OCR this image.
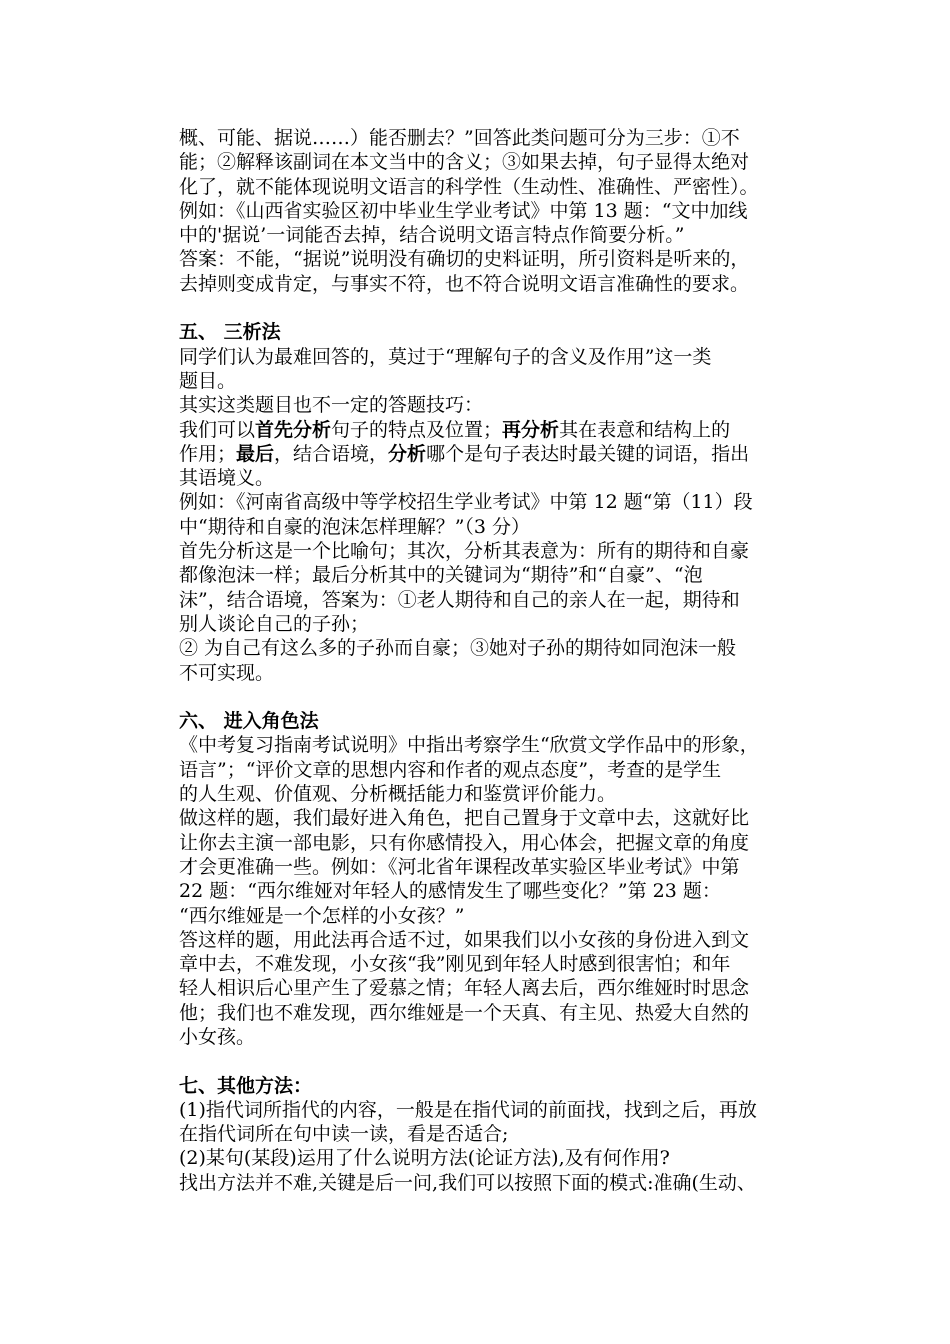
概、可能、据说……）能否删去？”回答此类问题可分为三步：①不
能；②解释该副词在本文当中的含义；③如果去掉，句子显得太绝对
化了，就不能体现说明文语言的科学性（生动性、准确性、严密性）。
例如：《山西省实验区初中毕业生学业考试》中第 13 题：“文中加线
中的'据说’一词能否去掉，结合说明文语言特点作简要分析。”
答案：不能，“据说”说明没有确切的史料证明，所引资料是听来的，
去掉则变成肯定，与事实不符，也不符合说明文语言准确性的要求。
五、 三析法
同学们认为最难回答的，莫过于“理解句子的含义及作用”这一类
题目。
其实这类题目也不一定的答题技巧：
我们可以首先分析句子的特点及位置；再分析其在表意和结构上的
作用；最后，结合语境，分析哪个是句子表达时最关键的词语，指出
其语境义。
例如：《河南省高级中等学校招生学业考试》中第 12 题“第（11）段
中“期待和自豪的泡沫怎样理解？”（3 分）
首先分析这是一个比喻句；其次，分析其表意为：所有的期待和自豪
都像泡沫一样；最后分析其中的关键词为“期待”和“自豪”、“泡
沫”，结合语境，答案为：①老人期待和自己的亲人在一起，期待和
别人谈论自己的子孙；
② 为自己有这么多的子孙而自豪；③她对子孙的期待如同泡沫一般
不可实现。
六、 进入角色法
《中考复习指南考试说明》中指出考察学生“欣赏文学作品中的形象，
语言”；“评价文章的思想内容和作者的观点态度”，考查的是学生
的人生观、价值观、分析概括能力和鉴赏评价能力。
做这样的题，我们最好进入角色，把自己置身于文章中去，这就好比
让你去主演一部电影，只有你感情投入，用心体会，把握文章的角度
才会更准确一些。例如：《河北省年课程改革实验区毕业考试》中第
22 题：“西尔维娅对年轻人的感情发生了哪些变化？”第 23 题：
“西尔维娅是一个怎样的小女孩？”
答这样的题，用此法再合适不过，如果我们以小女孩的身份进入到文
章中去，不难发现，小女孩“我”刚见到年轻人时感到很害怕；和年
轻人相识后心里产生了爱慕之情；年轻人离去后，西尔维娅时时思念
他；我们也不难发现，西尔维娅是一个天真、有主见、热爱大自然的
小女孩。
七、其他方法：
(1)指代词所指代的内容，一般是在指代词的前面找，找到之后，再放
在指代词所在句中读一读，看是否适合;
(2)某句(某段)运用了什么说明方法(论证方法),及有何作用?
找出方法并不难,关键是后一问,我们可以按照下面的模式:准确(生动、
